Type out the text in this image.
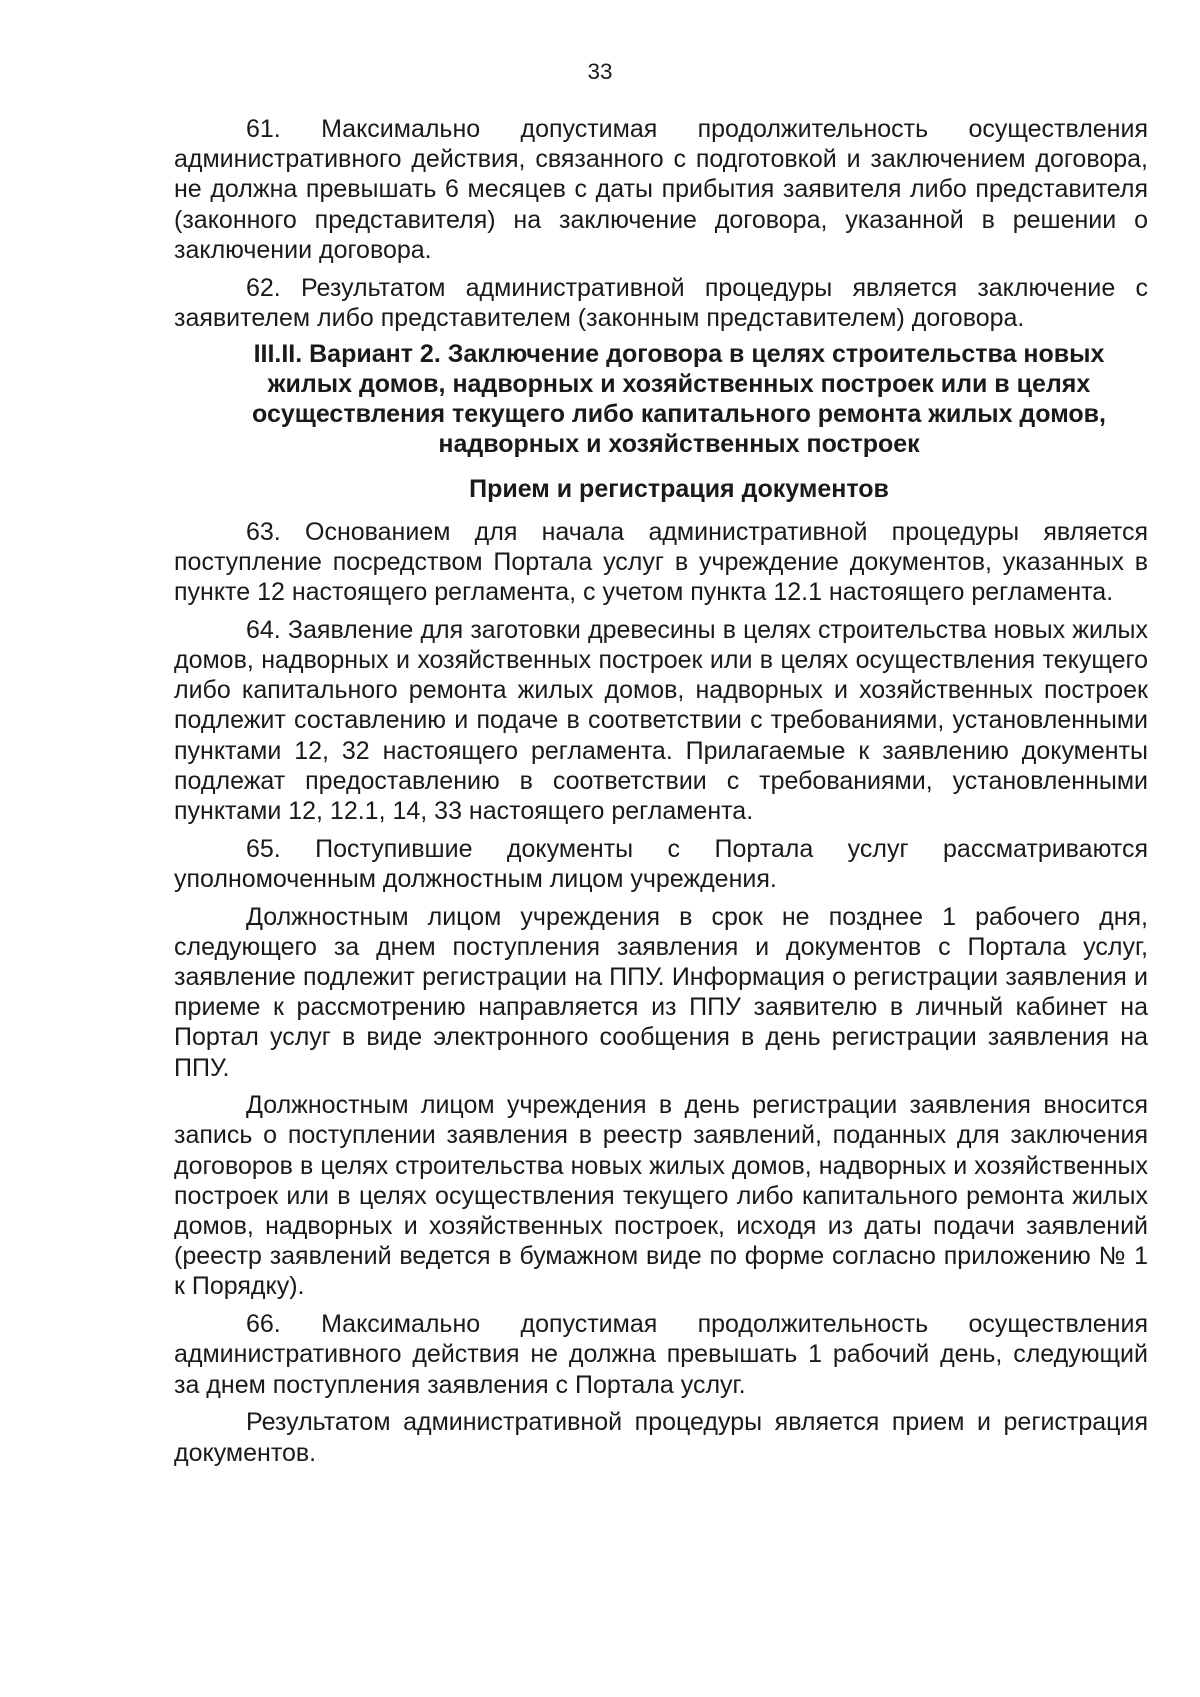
33

61. Максимально допустимая продолжительность осуществления административного действия, связанного с подготовкой и заключением договора, не должна превышать 6 месяцев с даты прибытия заявителя либо представителя (законного представителя) на заключение договора, указанной в решении о заключении договора.

62. Результатом административной процедуры является заключение с заявителем либо представителем (законным представителем) договора.

III.II. Вариант 2. Заключение договора в целях строительства новых жилых домов, надворных и хозяйственных построек или в целях осуществления текущего либо капитального ремонта жилых домов, надворных и хозяйственных построек
Прием и регистрация документов

63. Основанием для начала административной процедуры является поступление посредством Портала услуг в учреждение документов, указанных в пункте 12 настоящего регламента, с учетом пункта 12.1 настоящего регламента.

64. Заявление для заготовки древесины в целях строительства новых жилых домов, надворных и хозяйственных построек или в целях осуществления текущего либо капитального ремонта жилых домов, надворных и хозяйственных построек подлежит составлению и подаче в соответствии с требованиями, установленными пунктами 12, 32 настоящего регламента. Прилагаемые к заявлению документы подлежат предоставлению в соответствии с требованиями, установленными пунктами 12, 12.1, 14, 33 настоящего регламента.

65. Поступившие документы с Портала услуг рассматриваются уполномоченным должностным лицом учреждения.

Должностным лицом учреждения в срок не позднее 1 рабочего дня, следующего за днем поступления заявления и документов с Портала услуг, заявление подлежит регистрации на ППУ. Информация о регистрации заявления и приеме к рассмотрению направляется из ППУ заявителю в личный кабинет на Портал услуг в виде электронного сообщения в день регистрации заявления на ППУ.

Должностным лицом учреждения в день регистрации заявления вносится запись о поступлении заявления в реестр заявлений, поданных для заключения договоров в целях строительства новых жилых домов, надворных и хозяйственных построек или в целях осуществления текущего либо капитального ремонта жилых домов, надворных и хозяйственных построек, исходя из даты подачи заявлений (реестр заявлений ведется в бумажном виде по форме согласно приложению № 1 к Порядку).

66. Максимально допустимая продолжительность осуществления административного действия не должна превышать 1 рабочий день, следующий за днем поступления заявления с Портала услуг.

Результатом административной процедуры является прием и регистрация документов.
